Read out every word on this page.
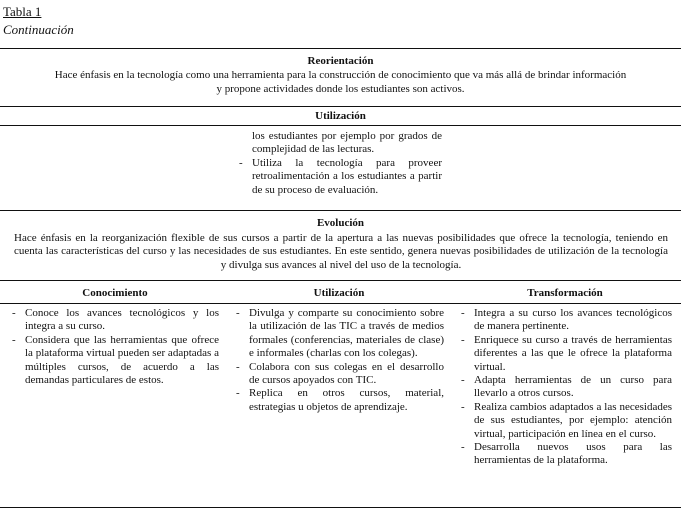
Tabla 1
Continuación
Reorientación
Hace énfasis en la tecnología como una herramienta para la construcción de conocimiento que va más allá de brindar información
y propone actividades donde los estudiantes son activos.
Utilización
los estudiantes por ejemplo por grados de complejidad de las lecturas.
- Utiliza la tecnología para proveer retroalimentación a los estudiantes a partir de su proceso de evaluación.
Evolución
Hace énfasis en la reorganización flexible de sus cursos a partir de la apertura a las nuevas posibilidades que ofrece la tecnología, teniendo en cuenta las características del curso y las necesidades de sus estudiantes. En este sentido, genera nuevas posibilidades de utilización de la tecnología y divulga sus avances al nivel del uso de la tecnología.
Conocimiento	Utilización	Transformación
- Conoce los avances tecnológicos y los integra a su curso.
- Considera que las herramientas que ofrece la plataforma virtual pueden ser adaptadas a múltiples cursos, de acuerdo a las demandas particulares de estos.
- Divulga y comparte su conocimiento sobre la utilización de las TIC a través de medios formales (conferencias, materiales de clase) e informales (charlas con los colegas).
- Colabora con sus colegas en el desarrollo de cursos apoyados con TIC.
- Replica en otros cursos, material, estrategias u objetos de aprendizaje.
- Integra a su curso los avances tecnológicos de manera pertinente.
- Enriquece su curso a través de herramientas diferentes a las que le ofrece la plataforma virtual.
- Adapta herramientas de un curso para llevarlo a otros cursos.
- Realiza cambios adaptados a las necesidades de sus estudiantes, por ejemplo: atención virtual, participación en línea en el curso.
- Desarrolla nuevos usos para las herramientas de la plataforma.
